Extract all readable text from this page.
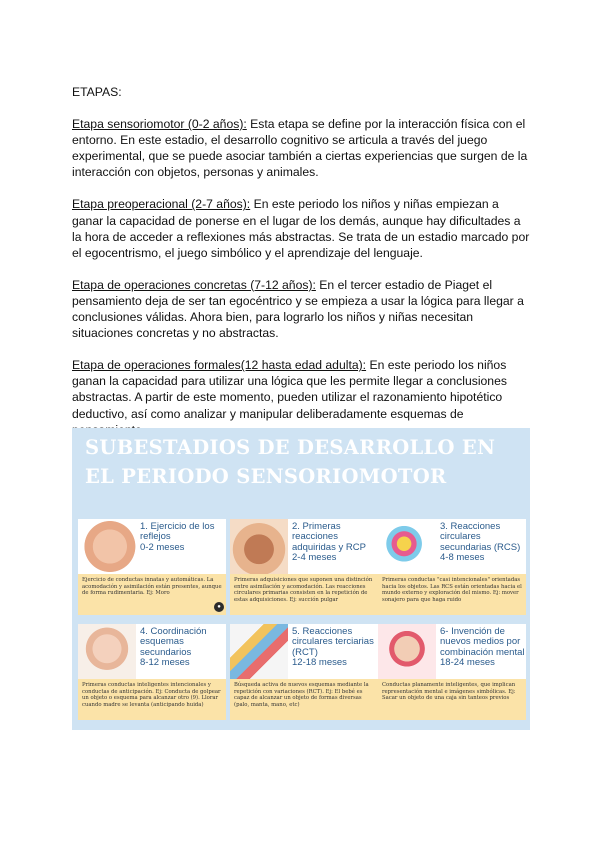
ETAPAS:

Etapa sensoriomotor (0-2 años): Esta etapa se define por la interacción física con el entorno. En este estadio, el desarrollo cognitivo se articula a través del juego experimental, que se puede asociar también a ciertas experiencias que surgen de la interacción con objetos, personas y animales.

Etapa preoperacional (2-7 años): En este periodo los niños y niñas empiezan a ganar la capacidad de ponerse en el lugar de los demás, aunque hay dificultades a la hora de acceder a reflexiones más abstractas. Se trata de un estadio marcado por el egocentrismo, el juego simbólico y el aprendizaje del lenguaje.

Etapa de operaciones concretas (7-12 años): En el tercer estadio de Piaget el pensamiento deja de ser tan egocéntrico y se empieza a usar la lógica para llegar a conclusiones válidas. Ahora bien, para lograrlo los niños y niñas necesitan situaciones concretas y no abstractas.

Etapa de operaciones formales(12 hasta edad adulta): En este periodo los niños ganan la capacidad para utilizar una lógica que les permite llegar a conclusiones abstractas. A partir de este momento, pueden utilizar el razonamiento hipotético deductivo, así como analizar y manipular deliberadamente esquemas de

SUBESTADIOS DE DESARROLLO EN EL PERIODO SENSORIOMOTOR
1. Ejercicio de los reflejos
0-2 meses
Ejercicio de conductas innatas y automáticas. La acomodación y asimilación están presentes, aunque de forma rudimentaria. Ej: Moro
●
2. Primeras reacciones adquiridas y RCP
2-4 meses
Primeras adquisiciones que suponen una distinción entre asimilación y acomodación. Las reacciones circulares primarias consisten en la repetición de estas adquisiciones. Ej: succión pulgar
3. Reacciones circulares secundarias (RCS)
4-8 meses
Primeras conductas "casi intencionales" orientadas hacia los objetos. Las RCS están orientadas hacia el mundo externo y exploración del mismo. Ej: mover sonajero para que haga ruido
4. Coordinación esquemas secundarios
8-12 meses
Primeras conductas inteligentes intencionales y conductas de anticipación. Ej: Conducta de golpear un objeto o esquema para alcanzar otro (9). Llorar cuando madre se levanta (anticipando huida)
5. Reacciones circulares terciarias (RCT)
12-18 meses
Búsqueda activa de nuevos esquemas mediante la repetición con variaciones (RCT). Ej: El bebé es capaz de alcanzar un objeto de formas diversas (palo, manta, mano, etc)
6- Invención de nuevos medios por combinación mental
18-24 meses
Conductas planamente inteligentes, que implican representación mental e imágenes simbólicas. Ej: Sacar un objeto de una caja sin tanteos previos
